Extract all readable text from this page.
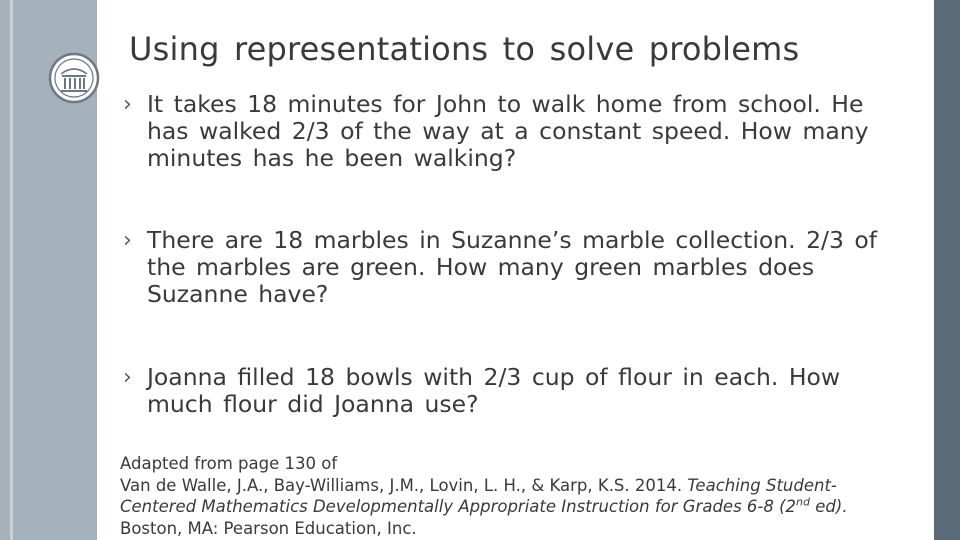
Using representations to solve problems
› It takes 18 minutes for John to walk home from school. He has walked 2/3 of the way at a constant speed. How many minutes has he been walking?
› There are 18 marbles in Suzanne’s marble collection. 2/3 of the marbles are green. How many green marbles does Suzanne have?
› Joanna filled 18 bowls with 2/3 cup of flour in each. How much flour did Joanna use?
Adapted from page 130 of
Van de Walle, J.A., Bay-Williams, J.M., Lovin, L. H., & Karp, K.S. 2014. Teaching Student-
Centered Mathematics Developmentally Appropriate Instruction for Grades 6-8 (2nd ed).
Boston, MA: Pearson Education, Inc.
